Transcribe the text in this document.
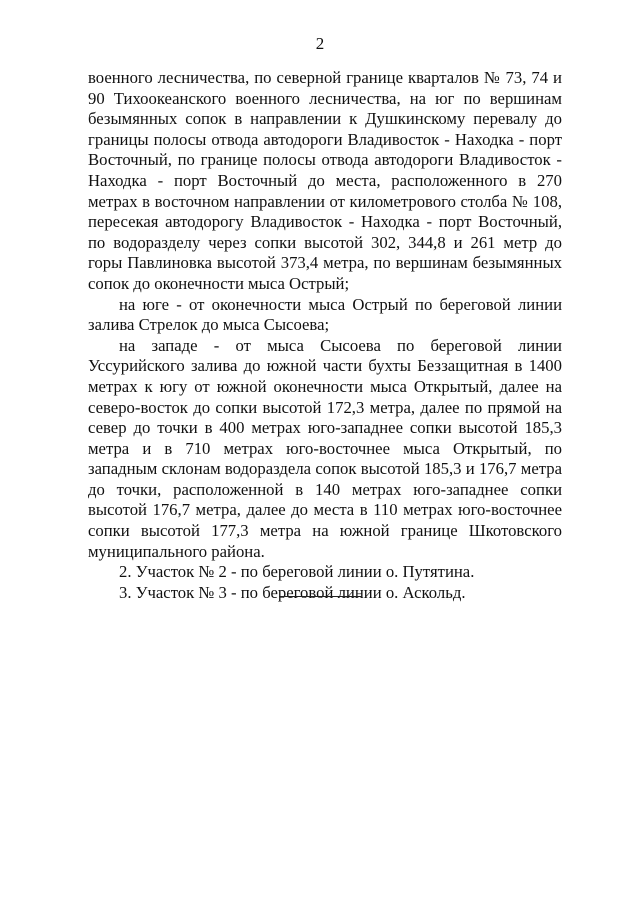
2

военного лесничества, по северной границе кварталов № 73, 74 и 90 Тихоокеанского военного лесничества, на юг по вершинам безымянных сопок в направлении к Душкинскому перевалу до границы полосы отвода автодороги Владивосток - Находка - порт Восточный, по границе полосы отвода автодороги Владивосток - Находка - порт Восточный до места, расположенного в 270 метрах в восточном направлении от километрового столба № 108, пересекая автодорогу Владивосток - Находка - порт Восточный, по водоразделу через сопки высотой 302, 344,8 и 261 метр до горы Павлиновка высотой 373,4 метра, по вершинам безымянных сопок до оконечности мыса Острый;

на юге - от оконечности мыса Острый по береговой линии залива Стрелок до мыса Сысоева;

на западе - от мыса Сысоева по береговой линии Уссурийского залива до южной части бухты Беззащитная в 1400 метрах к югу от южной оконечности мыса Открытый, далее на северо-восток до сопки высотой 172,3 метра, далее по прямой на север до точки в 400 метрах юго-западнее сопки высотой 185,3 метра и в 710 метрах юго-восточнее мыса Открытый, по западным склонам водораздела сопок высотой 185,3 и 176,7 метра до точки, расположенной в 140 метрах юго-западнее сопки высотой 176,7 метра, далее до места в 110 метрах юго-восточнее сопки высотой 177,3 метра на южной границе Шкотовского муниципального района.

2. Участок № 2 - по береговой линии о. Путятина.

3. Участок № 3 - по береговой линии о. Аскольд.
